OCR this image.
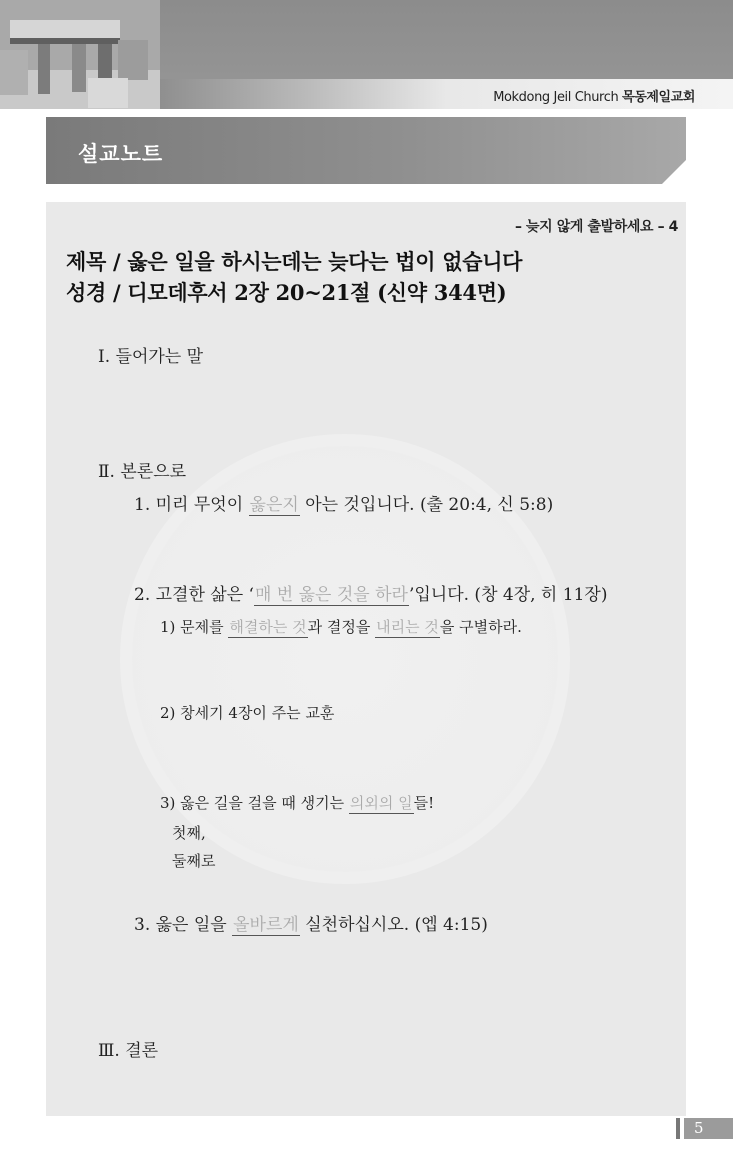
Mokdong Jeil Church 목동제일교회
설교노트
– 늦지 않게 출발하세요 – 4
제목 / 옳은 일을 하시는데는 늦다는 법이 없습니다
성경 / 디모데후서 2장 20~21절 (신약 344면)
Ⅰ. 들어가는 말
Ⅱ. 본론으로
1. 미리 무엇이 옳은지 아는 것입니다. (출 20:4, 신 5:8)
2. 고결한 삶은 ‘매 번 옳은 것을 하라’입니다. (창 4장, 히 11장)
1) 문제를 해결하는 것과 결정을 내리는 것을 구별하라.
2) 창세기 4장이 주는 교훈
3) 옳은 길을 걸을 때 생기는 의외의 일들!
첫째,
둘째로
3. 옳은 일을 올바르게 실천하십시오. (엡 4:15)
Ⅲ. 결론
5
